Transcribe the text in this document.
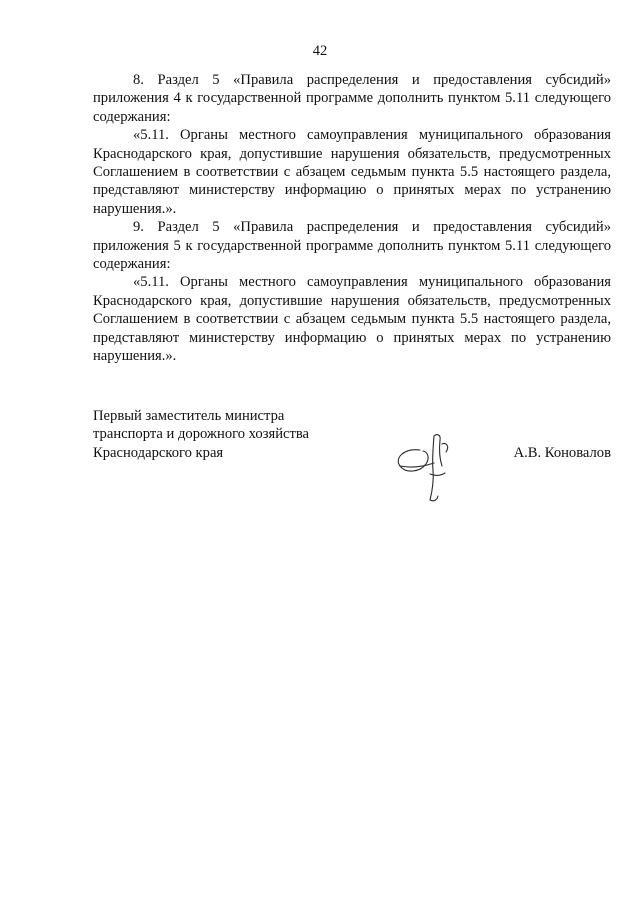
42

8. Раздел 5 «Правила распределения и предоставления субсидий» приложения 4 к государственной программе дополнить пунктом 5.11 следующего содержания:

«5.11. Органы местного самоуправления муниципального образования Краснодарского края, допустившие нарушения обязательств, предусмотренных Соглашением в соответствии с абзацем седьмым пункта 5.5 настоящего раздела, представляют министерству информацию о принятых мерах по устранению нарушения.».

9. Раздел 5 «Правила распределения и предоставления субсидий» приложения 5 к государственной программе дополнить пунктом 5.11 следующего содержания:

«5.11. Органы местного самоуправления муниципального образования Краснодарского края, допустившие нарушения обязательств, предусмотренных Соглашением в соответствии с абзацем седьмым пункта 5.5 настоящего раздела, представляют министерству информацию о принятых мерах по устранению нарушения.».

Первый заместитель министра
транспорта и дорожного хозяйства
Краснодарского края	А.В. Коновалов
